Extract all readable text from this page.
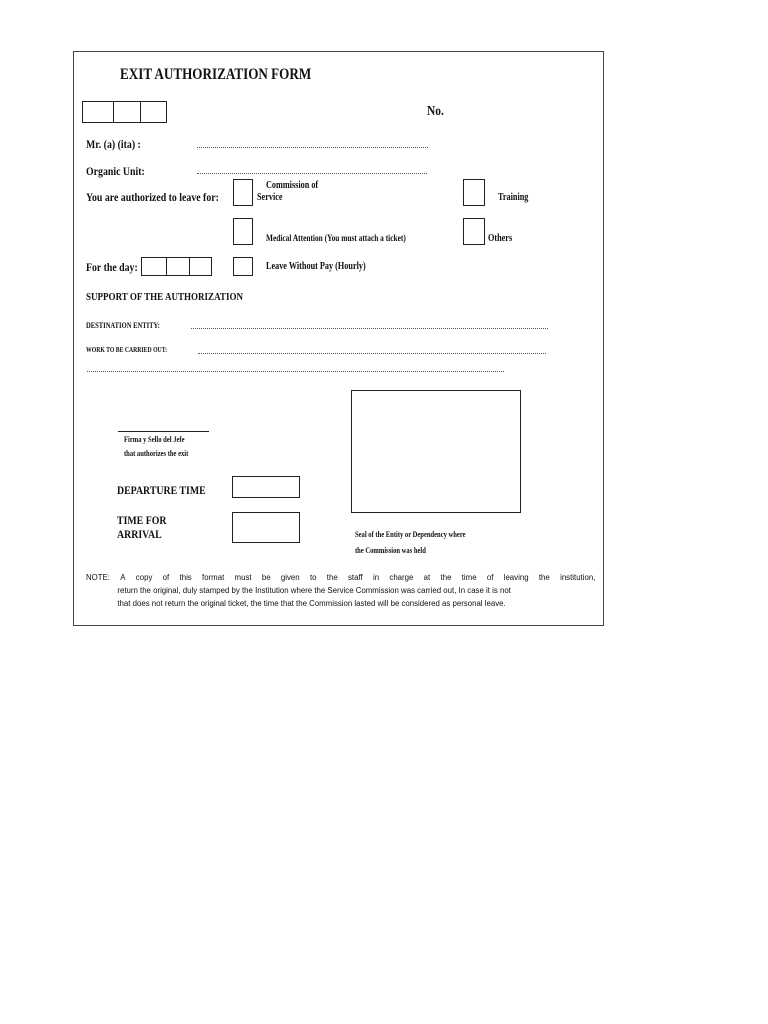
EXIT AUTHORIZATION FORM
No.
Mr. (a) (ita) :
Organic Unit:
You are authorized to leave for:
Commission of
Service	Training
Medical Attention (You must attach a ticket)	Others
For the day:	Leave Without Pay (Hourly)
SUPPORT OF THE AUTHORIZATION
DESTINATION ENTITY:
WORK TO BE CARRIED OUT:
Firma y Sello del Jefe
that authorizes the exit
Seal of the Entity or Dependency where
the Commission was held
DEPARTURE TIME
TIME FOR
ARRIVAL
NOTE: A copy of this format must be given to the staff in charge at the time of leaving the institution,
return the original, duly stamped by the Institution where the Service Commission was carried out, In case it is not
that does not return the original ticket, the time that the Commission lasted will be considered as personal leave.
